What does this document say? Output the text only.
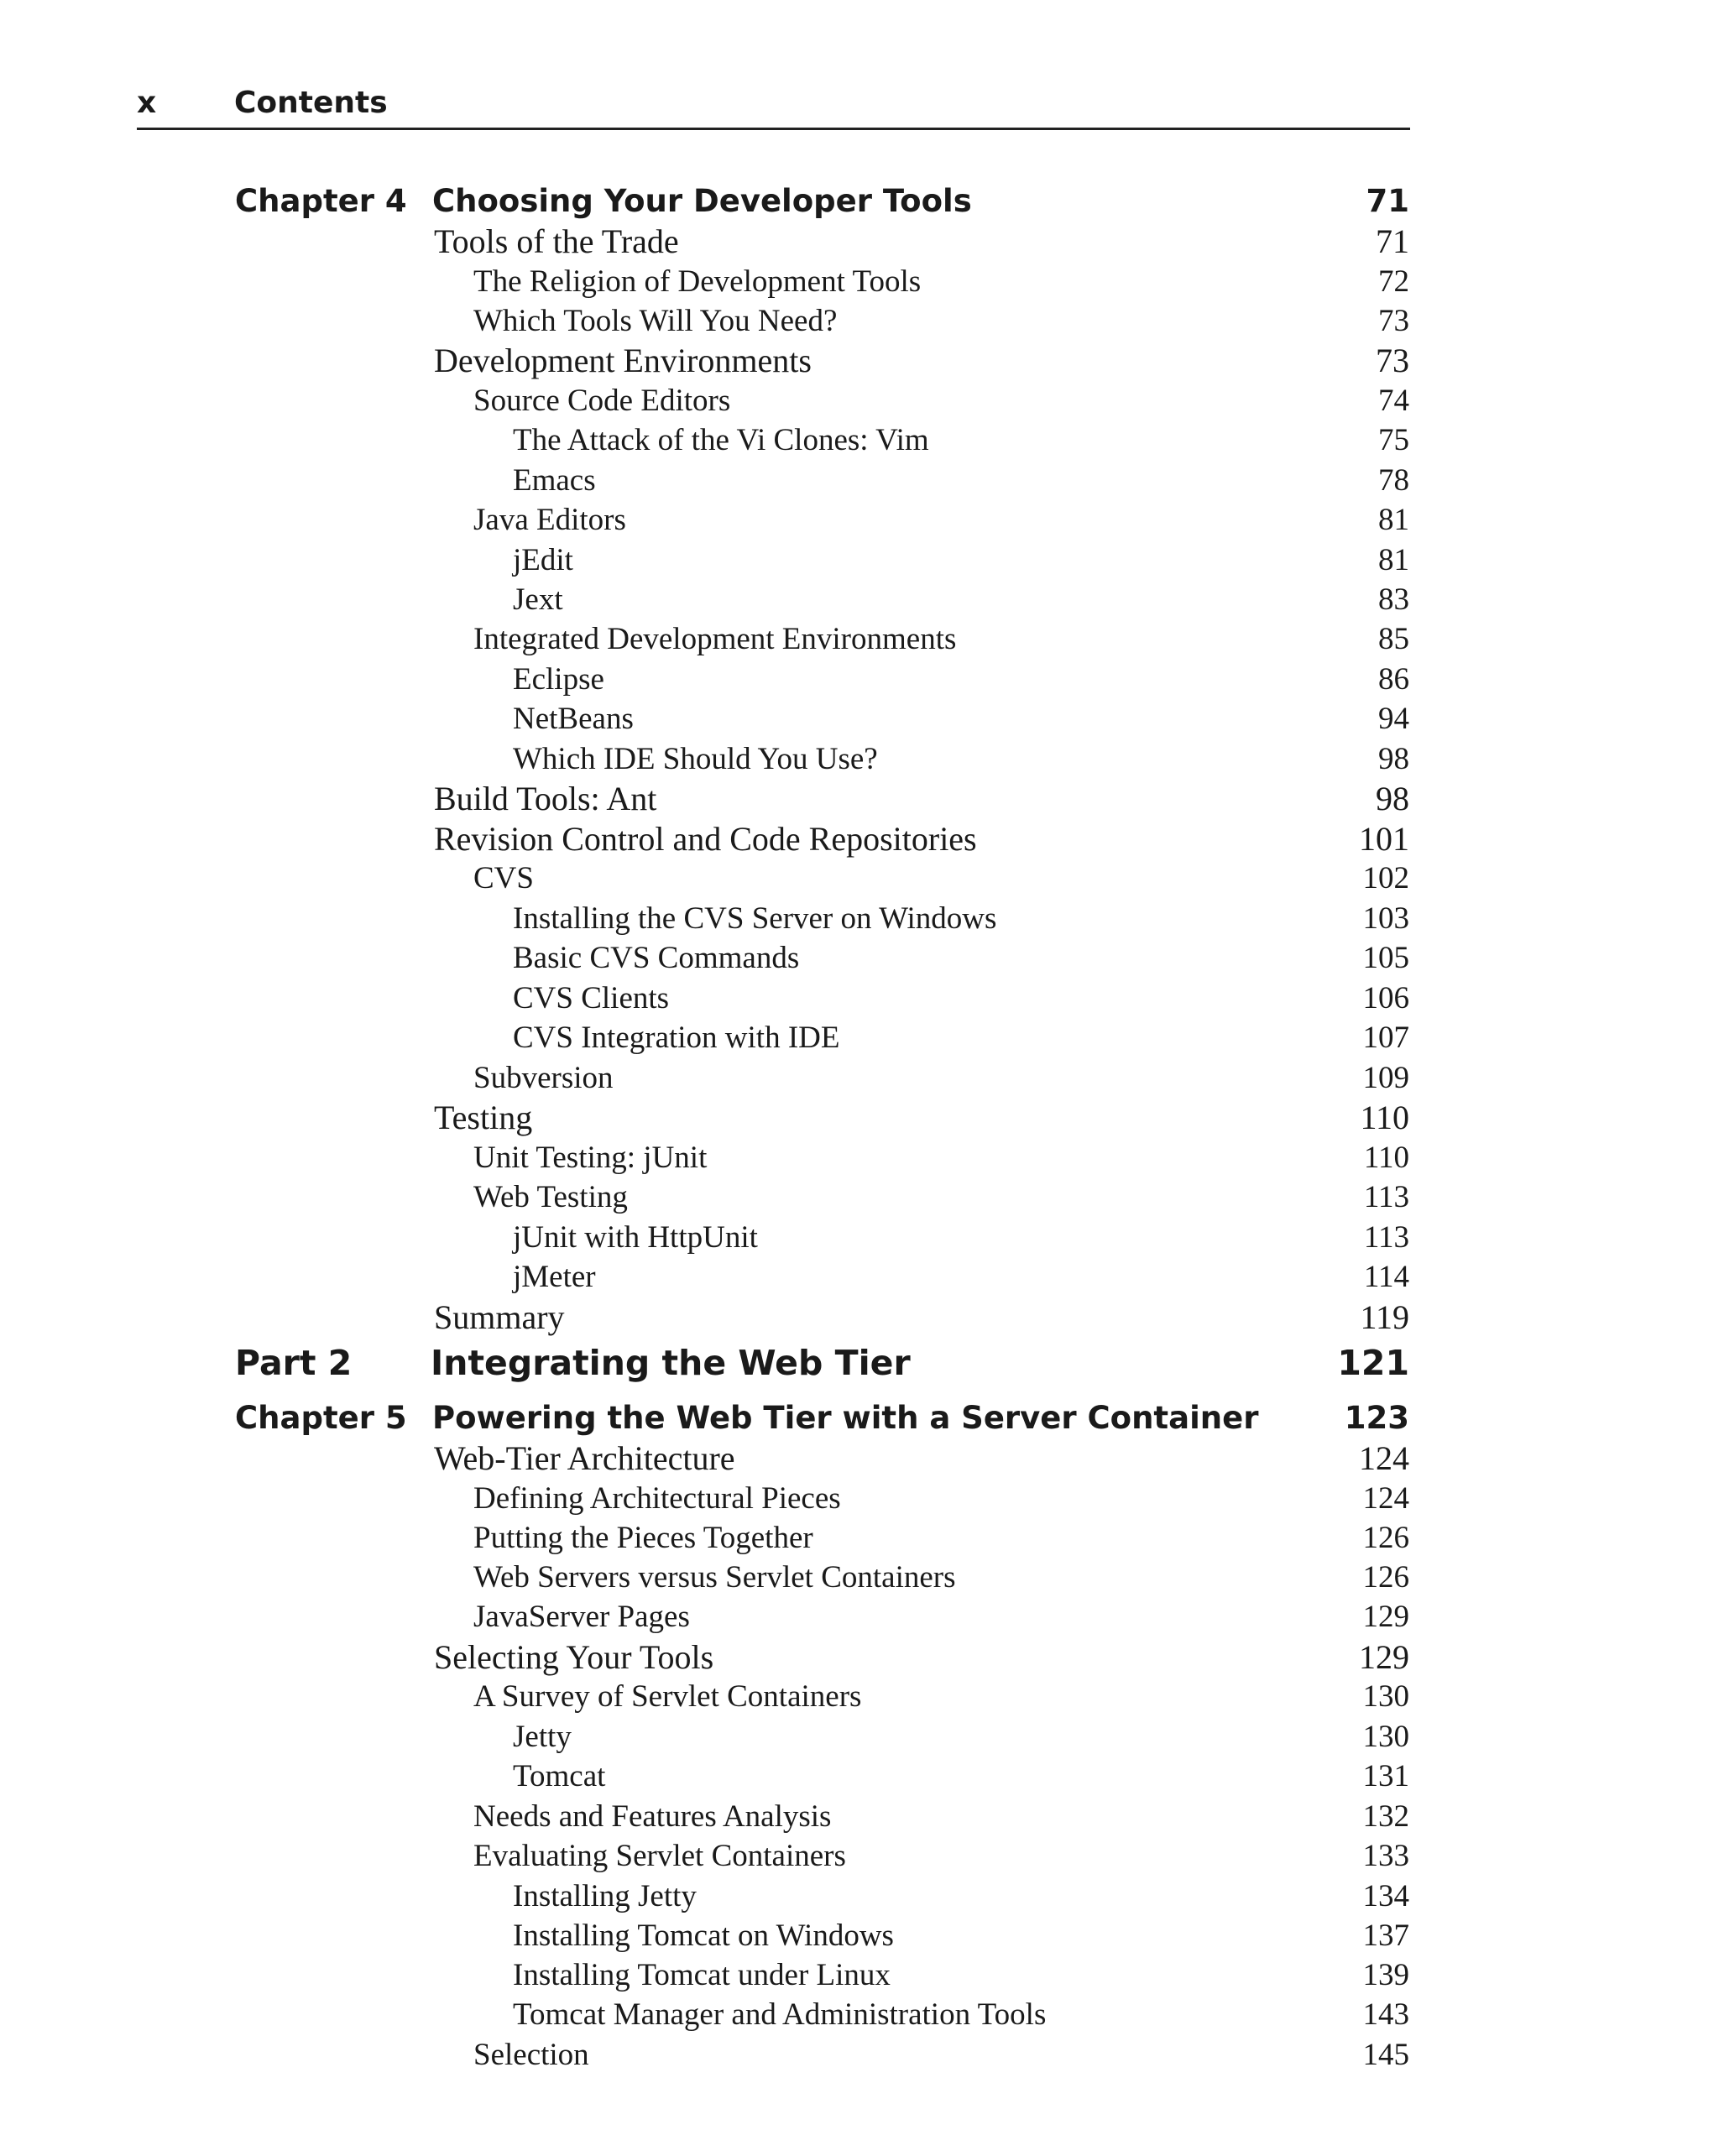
x	Contents
Chapter 4 Choosing Your Developer Tools	71
Tools of the Trade	71
The Religion of Development Tools	72
Which Tools Will You Need?	73
Development Environments	73
Source Code Editors	74
The Attack of the Vi Clones: Vim	75
Emacs	78
Java Editors	81
jEdit	81
Jext	83
Integrated Development Environments	85
Eclipse	86
NetBeans	94
Which IDE Should You Use?	98
Build Tools: Ant	98
Revision Control and Code Repositories	101
CVS	102
Installing the CVS Server on Windows	103
Basic CVS Commands	105
CVS Clients	106
CVS Integration with IDE	107
Subversion	109
Testing	110
Unit Testing: jUnit	110
Web Testing	113
jUnit with HttpUnit	113
jMeter	114
Summary	119
Part 2 Integrating the Web Tier	121
Chapter 5 Powering the Web Tier with a Server Container	123
Web-Tier Architecture	124
Defining Architectural Pieces	124
Putting the Pieces Together	126
Web Servers versus Servlet Containers	126
JavaServer Pages	129
Selecting Your Tools	129
A Survey of Servlet Containers	130
Jetty	130
Tomcat	131
Needs and Features Analysis	132
Evaluating Servlet Containers	133
Installing Jetty	134
Installing Tomcat on Windows	137
Installing Tomcat under Linux	139
Tomcat Manager and Administration Tools	143
Selection	145
